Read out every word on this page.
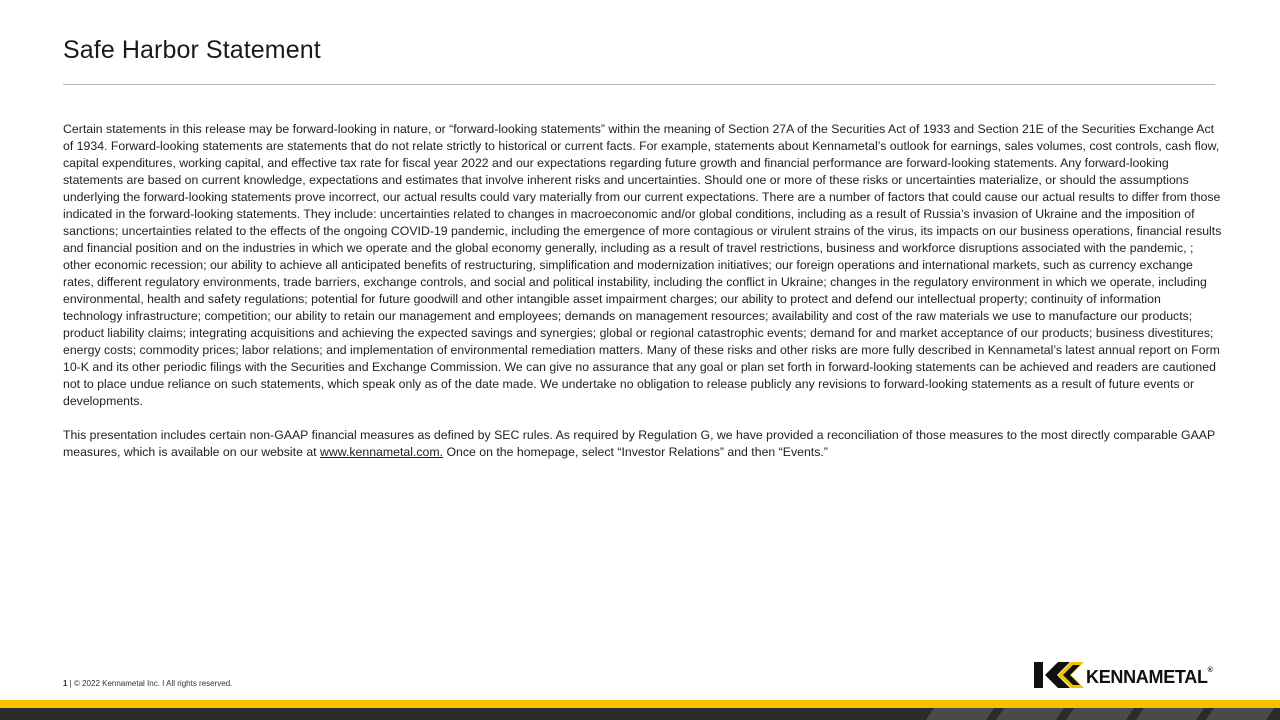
Safe Harbor Statement

Certain statements in this release may be forward-looking in nature, or “forward-looking statements” within the meaning of Section 27A of the Securities Act of 1933 and Section 21E of the Securities Exchange Act of 1934. Forward-looking statements are statements that do not relate strictly to historical or current facts. For example, statements about Kennametal’s outlook for earnings, sales volumes, cost controls, cash flow, capital expenditures, working capital, and effective tax rate for fiscal year 2022 and our expectations regarding future growth and financial performance are forward-looking statements. Any forward-looking statements are based on current knowledge, expectations and estimates that involve inherent risks and uncertainties. Should one or more of these risks or uncertainties materialize, or should the assumptions underlying the forward-looking statements prove incorrect, our actual results could vary materially from our current expectations. There are a number of factors that could cause our actual results to differ from those indicated in the forward-looking statements. They include: uncertainties related to changes in macroeconomic and/or global conditions, including as a result of Russia’s invasion of Ukraine and the imposition of sanctions; uncertainties related to the effects of the ongoing COVID-19 pandemic, including the emergence of more contagious or virulent strains of the virus, its impacts on our business operations, financial results and financial position and on the industries in which we operate and the global economy generally, including as a result of travel restrictions, business and workforce disruptions associated with the pandemic, ; other economic recession; our ability to achieve all anticipated benefits of restructuring, simplification and modernization initiatives; our foreign operations and international markets, such as currency exchange rates, different regulatory environments, trade barriers, exchange controls, and social and political instability, including the conflict in Ukraine; changes in the regulatory environment in which we operate, including environmental, health and safety regulations; potential for future goodwill and other intangible asset impairment charges; our ability to protect and defend our intellectual property; continuity of information technology infrastructure; competition; our ability to retain our management and employees; demands on management resources; availability and cost of the raw materials we use to manufacture our products; product liability claims; integrating acquisitions and achieving the expected savings and synergies; global or regional catastrophic events; demand for and market acceptance of our products; business divestitures; energy costs; commodity prices; labor relations; and implementation of environmental remediation matters. Many of these risks and other risks are more fully described in Kennametal’s latest annual report on Form 10-K and its other periodic filings with the Securities and Exchange Commission. We can give no assurance that any goal or plan set forth in forward-looking statements can be achieved and readers are cautioned not to place undue reliance on such statements, which speak only as of the date made. We undertake no obligation to release publicly any revisions to forward-looking statements as a result of future events or developments.

This presentation includes certain non-GAAP financial measures as defined by SEC rules. As required by Regulation G, we have provided a reconciliation of those measures to the most directly comparable GAAP measures, which is available on our website at www.kennametal.com. Once on the homepage, select “Investor Relations” and then “Events.”

1 | © 2022 Kennametal Inc. I All rights reserved.	KENNAMETAL®
